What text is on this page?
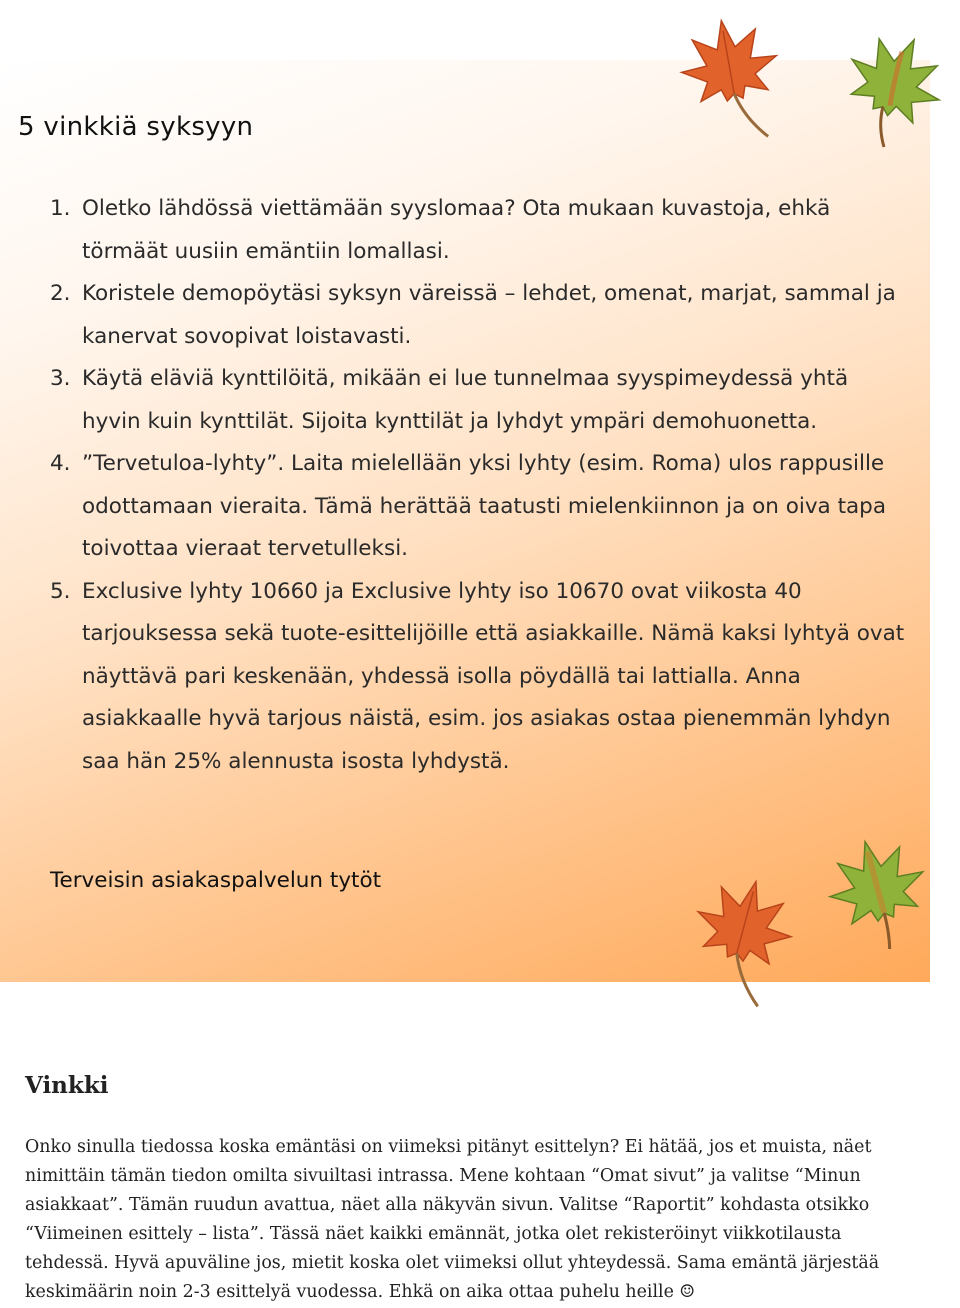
5 vinkkiä syksyyn
1. Oletko lähdössä viettämään syyslomaa? Ota mukaan kuvastoja, ehkä törmäät uusiin emäntiin lomallasi.
2. Koristele demopöytäsi syksyn väreissä – lehdet, omenat, marjat, sammal ja kanervat sovopivat loistavasti.
3. Käytä eläviä kynttilöitä, mikään ei lue tunnelmaa syyspimeydessä yhtä hyvin kuin kynttilät. Sijoita kynttilät ja lyhdyt ympäri demohuonetta.
4. ”Tervetuloa-lyhty”. Laita mielellään yksi lyhty (esim. Roma) ulos rappusille odottamaan vieraita. Tämä herättää taatusti mielenkiinnon ja on oiva tapa toivottaa vieraat tervetulleksi.
5. Exclusive lyhty 10660 ja Exclusive lyhty iso 10670 ovat viikosta 40 tarjouksessa sekä tuote-esittelijöille että asiakkaille. Nämä kaksi lyhtyä ovat näyttävä pari keskenään, yhdessä isolla pöydällä tai lattialla. Anna asiakkaalle hyvä tarjous näistä, esim. jos asiakas ostaa pienemmän lyhdyn saa hän 25% alennusta isosta lyhdystä.

Terveisin asiakaspalvelun tytöt

Vinkki

Onko sinulla tiedossa koska emäntäsi on viimeksi pitänyt esittelyn? Ei hätää, jos et muista, näet nimittäin tämän tiedon omilta sivuiltasi intrassa. Mene kohtaan “Omat sivut” ja valitse “Minun asiakkaat”. Tämän ruudun avattua, näet alla näkyvän sivun. Valitse “Raportit” kohdasta otsikko “Viimeinen esittely – lista”. Tässä näet kaikki emännät, jotka olet rekisteröinyt viikkotilausta tehdessä. Hyvä apuväline jos, mietit koska olet viimeksi ollut yhteydessä. Sama emäntä järjestää keskimäärin noin 2-3 esittelyä vuodessa. Ehkä on aika ottaa puhelu heille ☺
